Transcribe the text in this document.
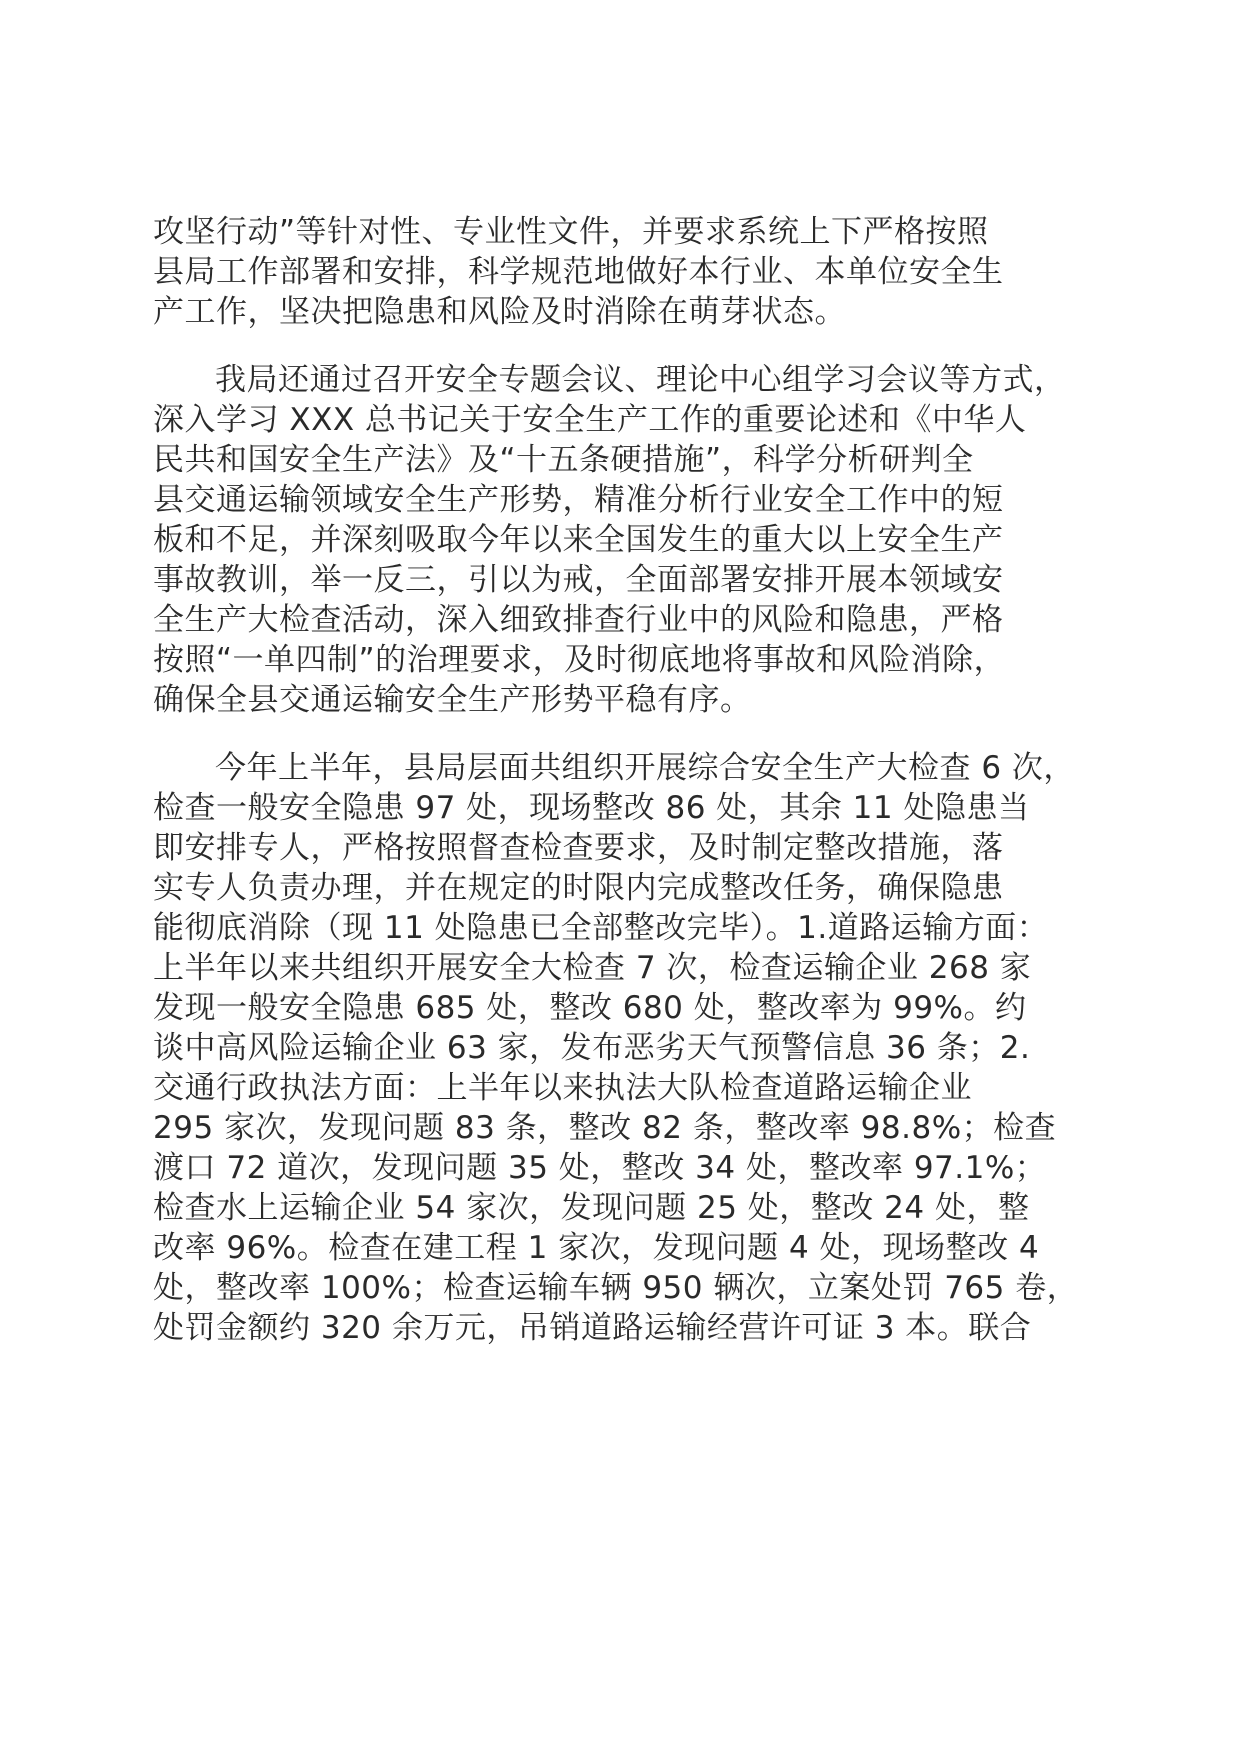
攻坚行动”等针对性、专业性文件，并要求系统上下严格按照
县局工作部署和安排，科学规范地做好本行业、本单位安全生
产工作，坚决把隐患和风险及时消除在萌芽状态。
我局还通过召开安全专题会议、理论中心组学习会议等方式，
深入学习 XXX 总书记关于安全生产工作的重要论述和《中华人
民共和国安全生产法》及“十五条硬措施”，科学分析研判全
县交通运输领域安全生产形势，精准分析行业安全工作中的短
板和不足，并深刻吸取今年以来全国发生的重大以上安全生产
事故教训，举一反三，引以为戒，全面部署安排开展本领域安
全生产大检查活动，深入细致排查行业中的风险和隐患，严格
按照“一单四制”的治理要求，及时彻底地将事故和风险消除，
确保全县交通运输安全生产形势平稳有序。
今年上半年，县局层面共组织开展综合安全生产大检查 6 次，
检查一般安全隐患 97 处，现场整改 86 处，其余 11 处隐患当
即安排专人，严格按照督查检查要求，及时制定整改措施，落
实专人负责办理，并在规定的时限内完成整改任务，确保隐患
能彻底消除（现 11 处隐患已全部整改完毕）。1.道路运输方面：
上半年以来共组织开展安全大检查 7 次，检查运输企业 268 家
发现一般安全隐患 685 处，整改 680 处，整改率为 99%。约
谈中高风险运输企业 63 家，发布恶劣天气预警信息 36 条；2.
交通行政执法方面：上半年以来执法大队检查道路运输企业
295 家次，发现问题 83 条，整改 82 条，整改率 98.8%；检查
渡口 72 道次，发现问题 35 处，整改 34 处，整改率 97.1%；
检查水上运输企业 54 家次，发现问题 25 处，整改 24 处，整
改率 96%。检查在建工程 1 家次，发现问题 4 处，现场整改 4
处，整改率 100%；检查运输车辆 950 辆次，立案处罚 765 卷，
处罚金额约 320 余万元，吊销道路运输经营许可证 3 本。联合
